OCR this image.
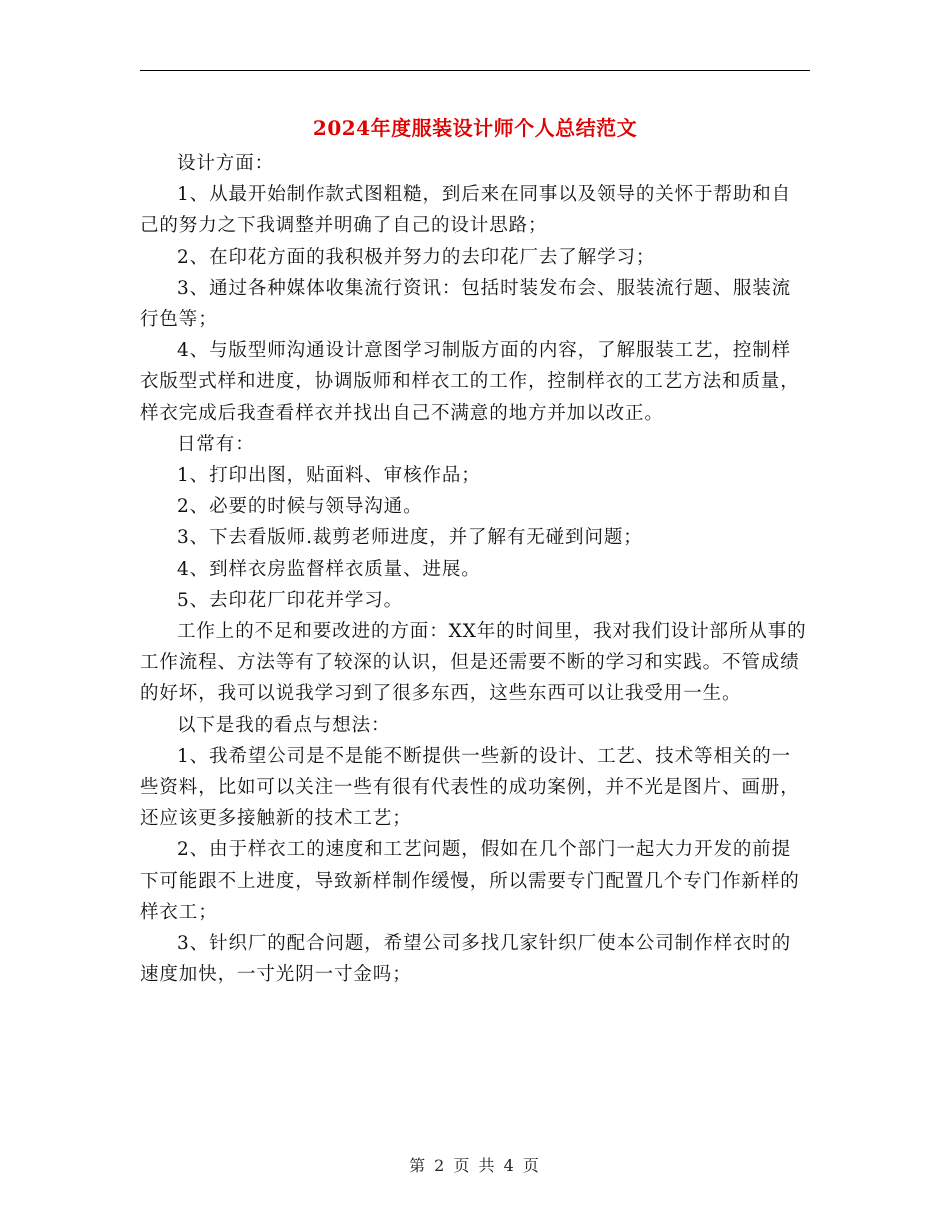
2024年度服装设计师个人总结范文

设计方面：

1、从最开始制作款式图粗糙，到后来在同事以及领导的关怀于帮助和自己的努力之下我调整并明确了自己的设计思路；

2、在印花方面的我积极并努力的去印花厂去了解学习；

3、通过各种媒体收集流行资讯：包括时装发布会、服装流行题、服装流行色等；

4、与版型师沟通设计意图学习制版方面的内容，了解服装工艺，控制样衣版型式样和进度，协调版师和样衣工的工作，控制样衣的工艺方法和质量，样衣完成后我查看样衣并找出自己不满意的地方并加以改正。

日常有：

1、打印出图，贴面料、审核作品；

2、必要的时候与领导沟通。

3、下去看版师.裁剪老师进度，并了解有无碰到问题；

4、到样衣房监督样衣质量、进展。

5、去印花厂印花并学习。

工作上的不足和要改进的方面：XX年的时间里，我对我们设计部所从事的工作流程、方法等有了较深的认识，但是还需要不断的学习和实践。不管成绩的好坏，我可以说我学习到了很多东西，这些东西可以让我受用一生。

以下是我的看点与想法：

1、我希望公司是不是能不断提供一些新的设计、工艺、技术等相关的一些资料，比如可以关注一些有很有代表性的成功案例，并不光是图片、画册，还应该更多接触新的技术工艺；

2、由于样衣工的速度和工艺问题，假如在几个部门一起大力开发的前提下可能跟不上进度，导致新样制作缓慢，所以需要专门配置几个专门作新样的样衣工；

3、针织厂的配合问题，希望公司多找几家针织厂使本公司制作样衣时的速度加快，一寸光阴一寸金吗；

第 2 页 共 4 页
